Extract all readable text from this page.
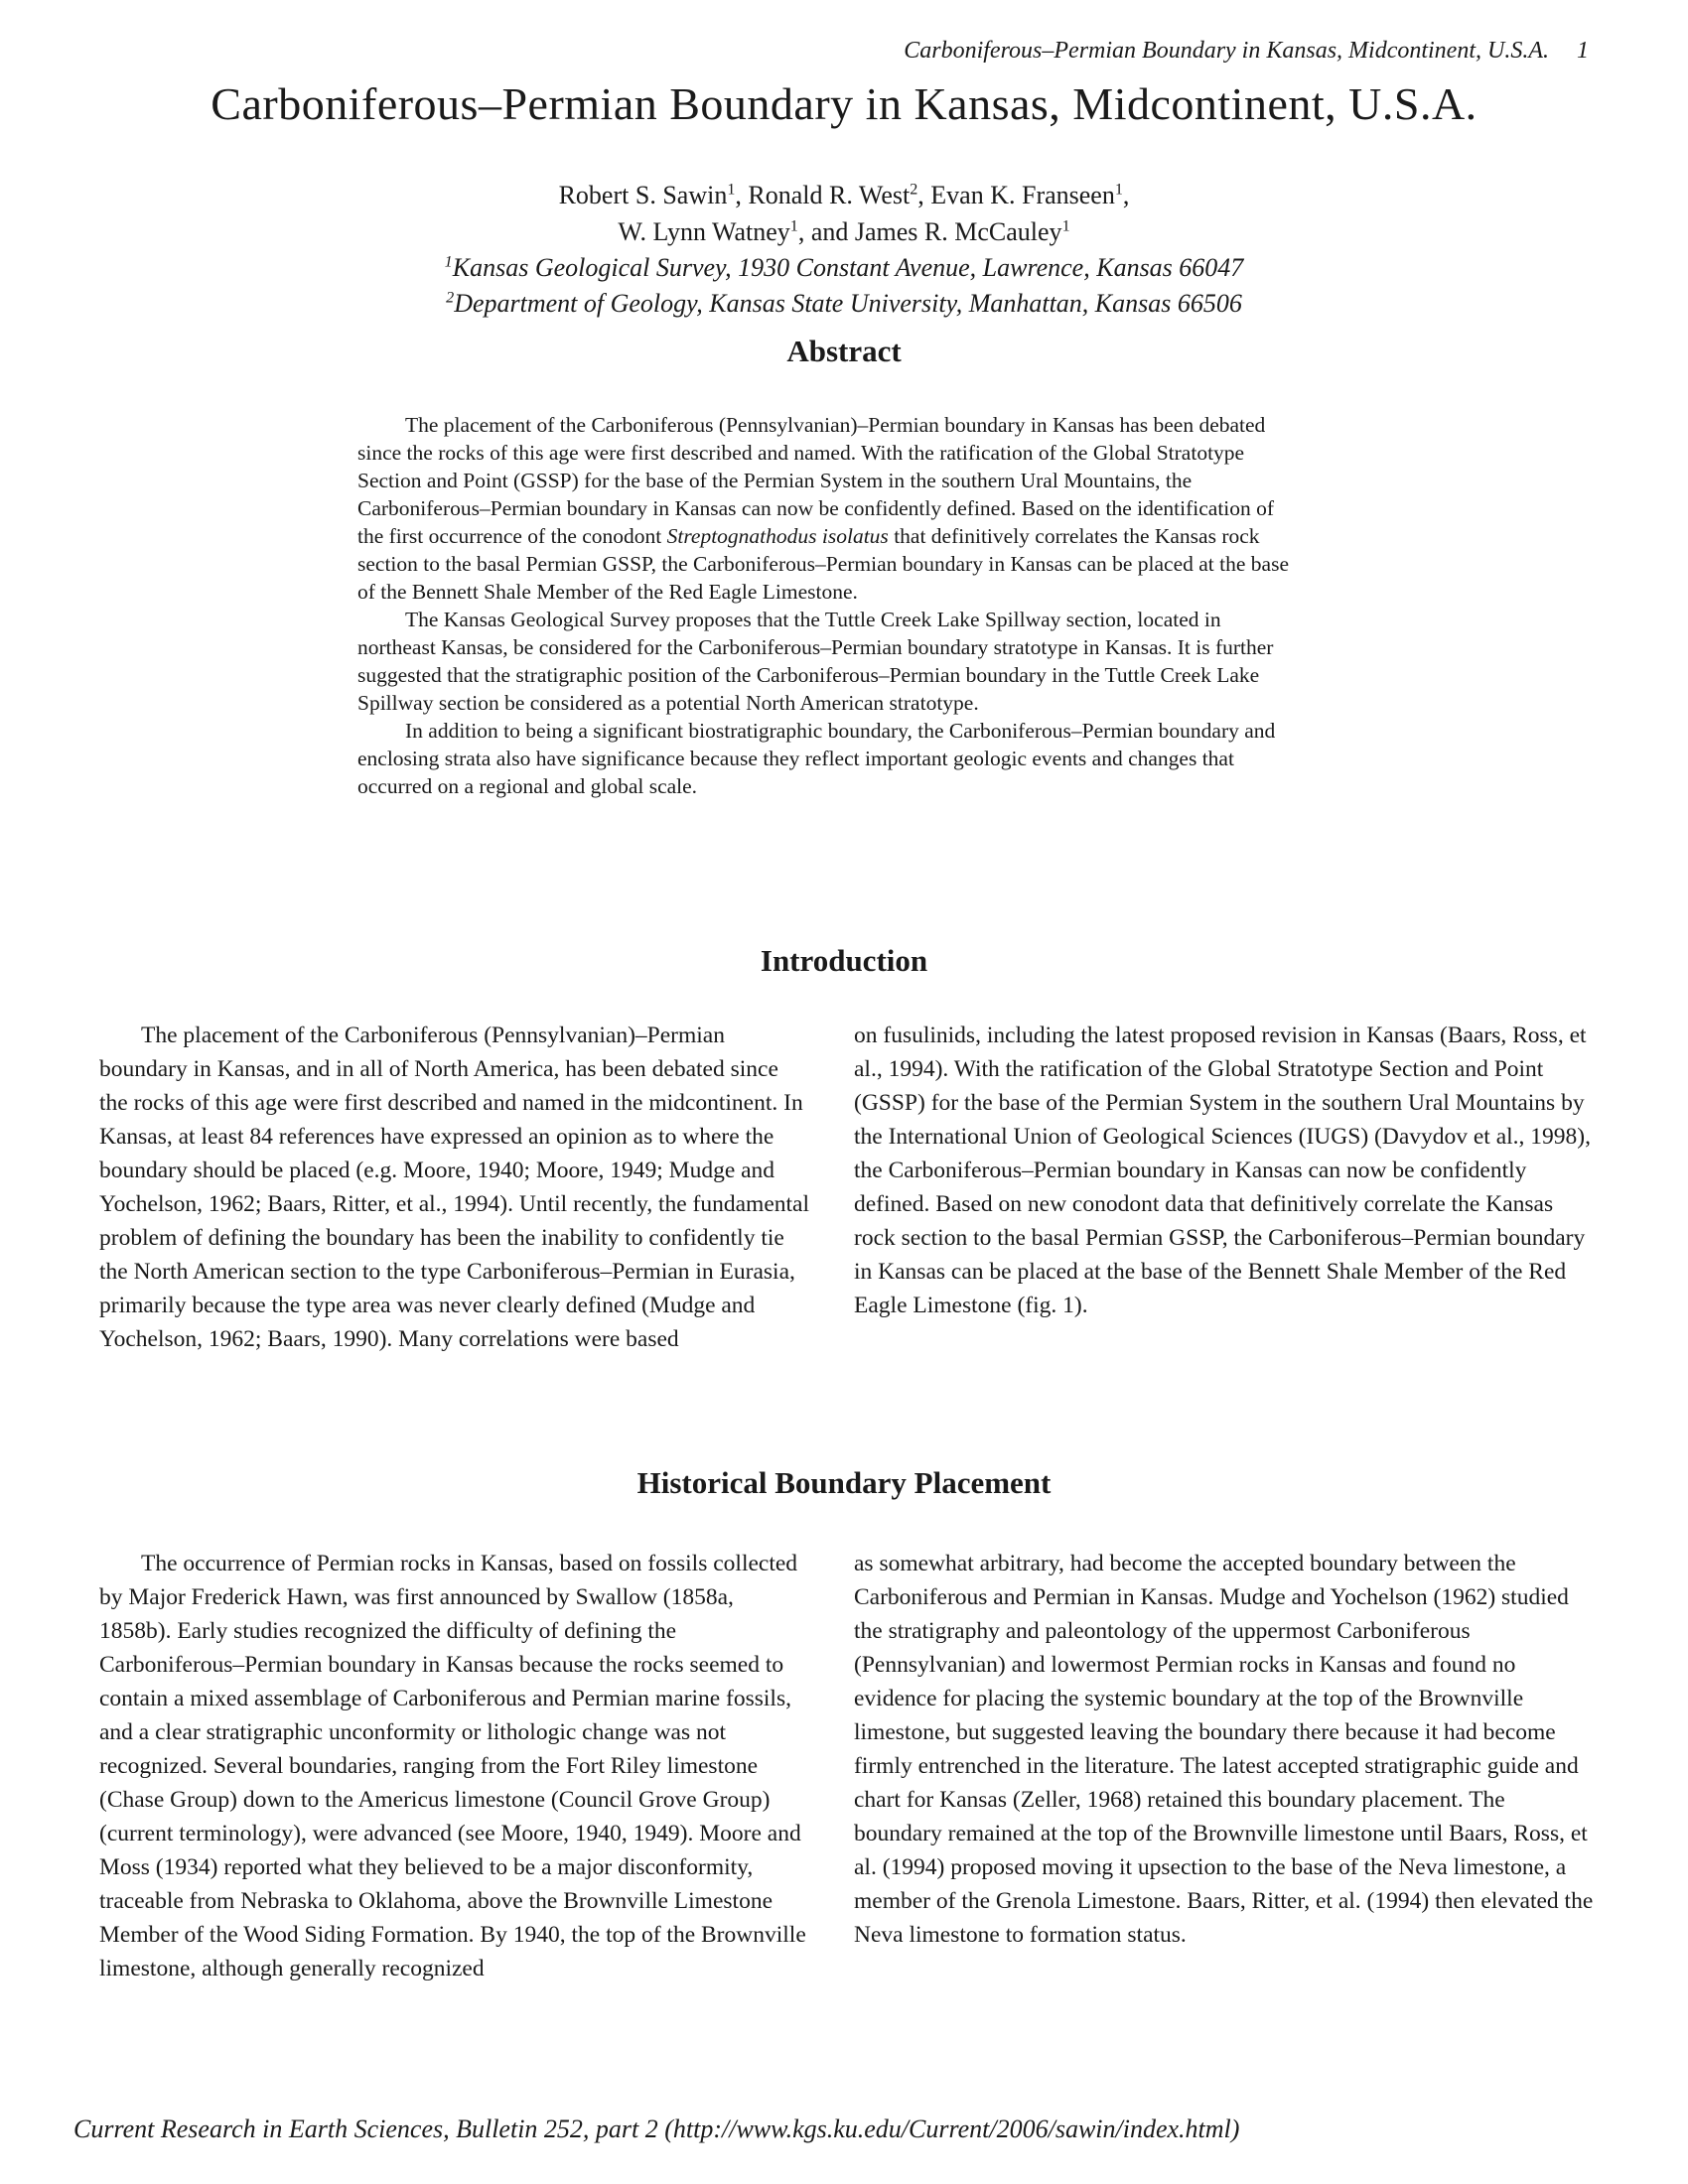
Carboniferous–Permian Boundary in Kansas, Midcontinent, U.S.A. 1
Carboniferous–Permian Boundary in Kansas, Midcontinent, U.S.A.
Robert S. Sawin$^1$, Ronald R. West$^2$, Evan K. Franseen$^1$,
W. Lynn Watney$^1$, and James R. McCauley$^1$
$^1$Kansas Geological Survey, 1930 Constant Avenue, Lawrence, Kansas 66047
$^2$Department of Geology, Kansas State University, Manhattan, Kansas 66506
Abstract

The placement of the Carboniferous (Pennsylvanian)–Permian boundary in Kansas has been debated since the rocks of this age were first described and named. With the ratification of the Global Stratotype Section and Point (GSSP) for the base of the Permian System in the southern Ural Mountains, the Carboniferous–Permian boundary in Kansas can now be confidently defined. Based on the identification of the first occurrence of the conodont Streptognathodus isolatus that definitively correlates the Kansas rock section to the basal Permian GSSP, the Carboniferous–Permian boundary in Kansas can be placed at the base of the Bennett Shale Member of the Red Eagle Limestone.

The Kansas Geological Survey proposes that the Tuttle Creek Lake Spillway section, located in northeast Kansas, be considered for the Carboniferous–Permian boundary stratotype in Kansas. It is further suggested that the stratigraphic position of the Carboniferous–Permian boundary in the Tuttle Creek Lake Spillway section be considered as a potential North American stratotype.

In addition to being a significant biostratigraphic boundary, the Carboniferous–Permian boundary and enclosing strata also have significance because they reflect important geologic events and changes that occurred on a regional and global scale.

Introduction

The placement of the Carboniferous (Pennsylvanian)–Permian boundary in Kansas, and in all of North America, has been debated since the rocks of this age were first described and named in the midcontinent. In Kansas, at least 84 references have expressed an opinion as to where the boundary should be placed (e.g. Moore, 1940; Moore, 1949; Mudge and Yochelson, 1962; Baars, Ritter, et al., 1994). Until recently, the fundamental problem of defining the boundary has been the inability to confidently tie the North American section to the type Carboniferous–Permian in Eurasia, primarily because the type area was never clearly defined (Mudge and Yochelson, 1962; Baars, 1990). Many correlations were based

on fusulinids, including the latest proposed revision in Kansas (Baars, Ross, et al., 1994). With the ratification of the Global Stratotype Section and Point (GSSP) for the base of the Permian System in the southern Ural Mountains by the International Union of Geological Sciences (IUGS) (Davydov et al., 1998), the Carboniferous–Permian boundary in Kansas can now be confidently defined. Based on new conodont data that definitively correlate the Kansas rock section to the basal Permian GSSP, the Carboniferous–Permian boundary in Kansas can be placed at the base of the Bennett Shale Member of the Red Eagle Limestone (fig. 1).

Historical Boundary Placement

The occurrence of Permian rocks in Kansas, based on fossils collected by Major Frederick Hawn, was first announced by Swallow (1858a, 1858b). Early studies recognized the difficulty of defining the Carboniferous–Permian boundary in Kansas because the rocks seemed to contain a mixed assemblage of Carboniferous and Permian marine fossils, and a clear stratigraphic unconformity or lithologic change was not recognized. Several boundaries, ranging from the Fort Riley limestone (Chase Group) down to the Americus limestone (Council Grove Group) (current terminology), were advanced (see Moore, 1940, 1949). Moore and Moss (1934) reported what they believed to be a major disconformity, traceable from Nebraska to Oklahoma, above the Brownville Limestone Member of the Wood Siding Formation. By 1940, the top of the Brownville limestone, although generally recognized

as somewhat arbitrary, had become the accepted boundary between the Carboniferous and Permian in Kansas. Mudge and Yochelson (1962) studied the stratigraphy and paleontology of the uppermost Carboniferous (Pennsylvanian) and lowermost Permian rocks in Kansas and found no evidence for placing the systemic boundary at the top of the Brownville limestone, but suggested leaving the boundary there because it had become firmly entrenched in the literature. The latest accepted stratigraphic guide and chart for Kansas (Zeller, 1968) retained this boundary placement. The boundary remained at the top of the Brownville limestone until Baars, Ross, et al. (1994) proposed moving it upsection to the base of the Neva limestone, a member of the Grenola Limestone. Baars, Ritter, et al. (1994) then elevated the Neva limestone to formation status.

Current Research in Earth Sciences, Bulletin 252, part 2 (http://www.kgs.ku.edu/Current/2006/sawin/index.html)
